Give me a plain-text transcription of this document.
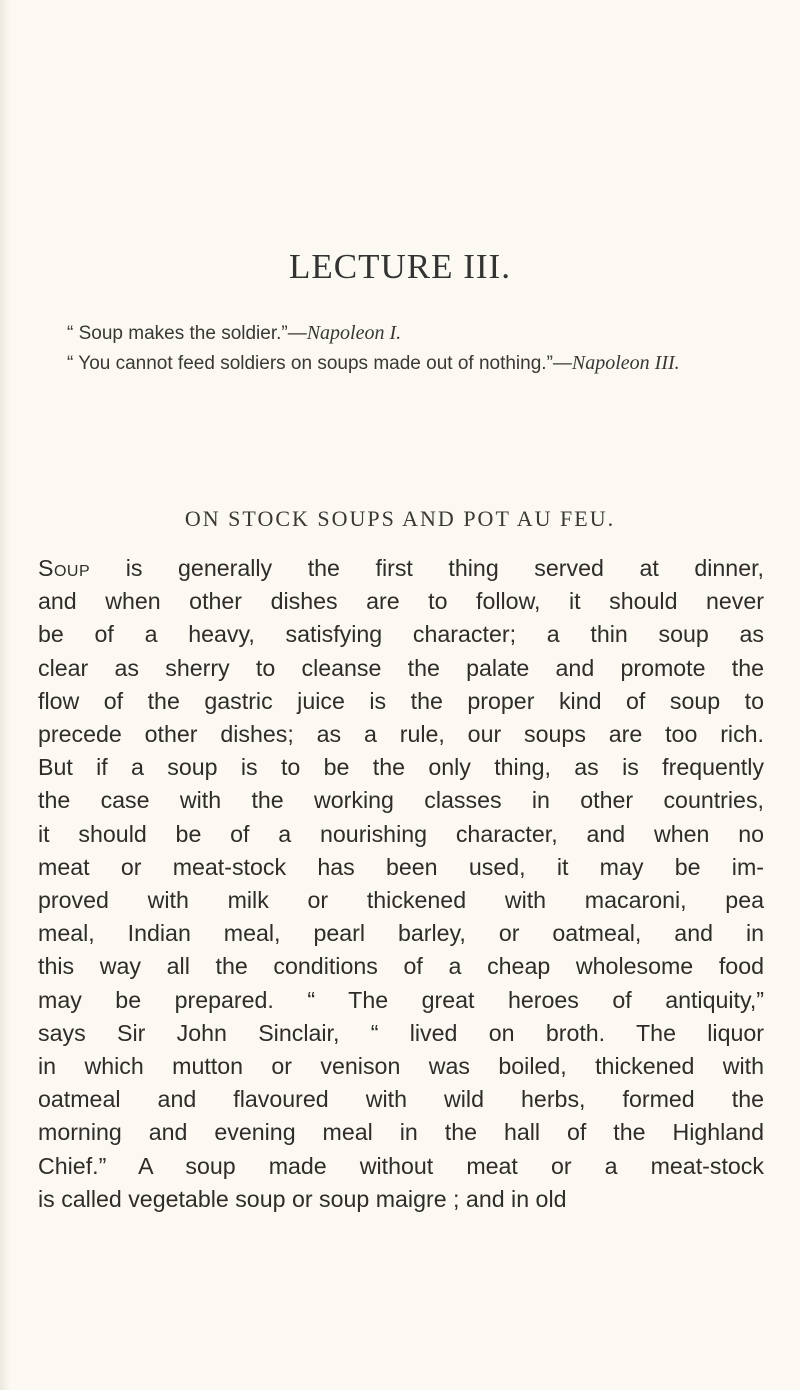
LECTURE III.

“ Soup makes the soldier.”—Napoleon I.

“ You cannot feed soldiers on soups made out of nothing.”—Napoleon III.

ON STOCK SOUPS AND POT AU FEU.
Soup is generally the first thing served at dinner,
and when other dishes are to follow, it should never
be of a heavy, satisfying character; a thin soup as
clear as sherry to cleanse the palate and promote the
flow of the gastric juice is the proper kind of soup to
precede other dishes; as a rule, our soups are too rich.
But if a soup is to be the only thing, as is frequently
the case with the working classes in other countries,
it should be of a nourishing character, and when no
meat or meat-stock has been used, it may be im-
proved with milk or thickened with macaroni, pea
meal, Indian meal, pearl barley, or oatmeal, and in
this way all the conditions of a cheap wholesome food
may be prepared. “ The great heroes of antiquity,”
says Sir John Sinclair, “ lived on broth. The liquor
in which mutton or venison was boiled, thickened with
oatmeal and flavoured with wild herbs, formed the
morning and evening meal in the hall of the Highland
Chief.” A soup made without meat or a meat-stock
is called vegetable soup or soup maigre ; and in old
